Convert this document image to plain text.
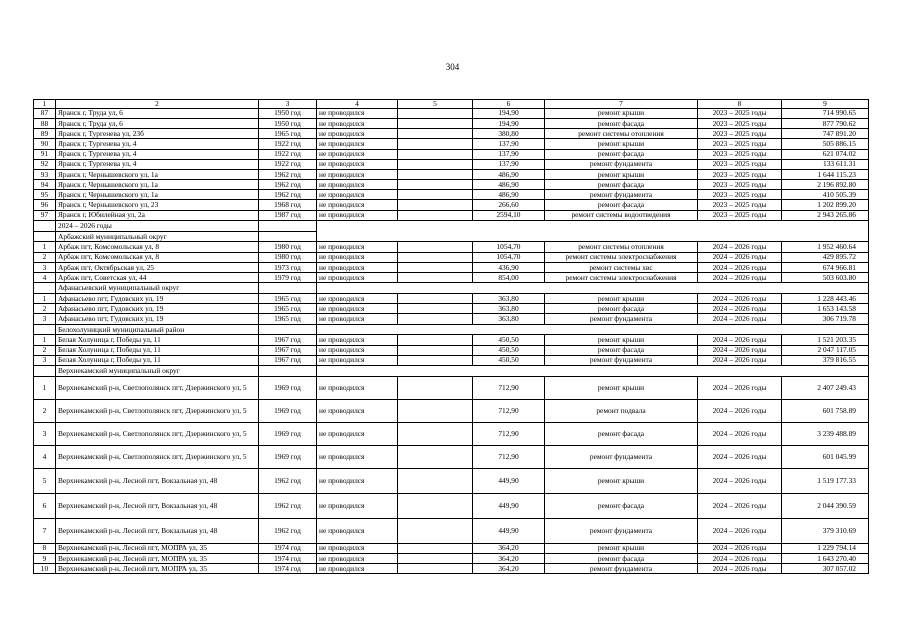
304
1	2	3	4	5	6	7	8	9
87	Яранск г, Труда ул, 6	1950 год	не проводился		194,90	ремонт крыши	2023 – 2025 годы	714 990.65
88	Яранск г, Труда ул, 6	1950 год	не проводился		194,90	ремонт фасада	2023 – 2025 годы	877 790.62
89	Яранск г, Тургенева ул, 23б	1965 год	не проводился		380,80	ремонт системы отопления	2023 – 2025 годы	747 891.20
90	Яранск г, Тургенева ул, 4	1922 год	не проводился		137,90	ремонт крыши	2023 – 2025 годы	505 886.15
91	Яранск г, Тургенева ул, 4	1922 год	не проводился		137,90	ремонт фасада	2023 – 2025 годы	621 074.02
92	Яранск г, Тургенева ул, 4	1922 год	не проводился		137,90	ремонт фундамента	2023 – 2025 годы	133 611.31
93	Яранск г, Чернышевского ул, 1а	1962 год	не проводился		486,90	ремонт крыши	2023 – 2025 годы	1 644 115.23
94	Яранск г, Чернышевского ул, 1а	1962 год	не проводился		486,90	ремонт фасада	2023 – 2025 годы	2 196 892.80
95	Яранск г, Чернышевского ул, 1а	1962 год	не проводился		486,90	ремонт фундамента	2023 – 2025 годы	410 505.39
96	Яранск г, Чернышевского ул, 23	1968 год	не проводился		266,60	ремонт фасада	2023 – 2025 годы	1 202 899.20
97	Яранск г, Юбилейная ул, 2а	1987 год	не проводился		2594,10	ремонт системы водоотведения	2023 – 2025 годы	2 943 265.86
	2024 – 2026 годы							
	Арбажский муниципальный округ							
1	Арбаж пгт, Комсомольская ул, 8	1980 год	не проводился		1054,70	ремонт системы отопления	2024 – 2026 годы	1 952 460.64
2	Арбаж пгт, Комсомольская ул, 8	1980 год	не проводился		1054,70	ремонт системы электроснабжения	2024 – 2026 годы	429 895.72
3	Арбаж пгт, Октябрьская ул, 25	1973 год	не проводился		436,90	ремонт системы хвс	2024 – 2026 годы	674 966.81
4	Арбаж пгт, Советская ул, 44	1979 год	не проводился		854,00	ремонт системы электроснабжения	2024 – 2026 годы	503 603.80
	Афанасьевский муниципальный округ							
1	Афанасьево пгт, Гудовских ул, 19	1965 год	не проводился		363,80	ремонт крыши	2024 – 2026 годы	1 228 443.46
2	Афанасьево пгт, Гудовских ул, 19	1965 год	не проводился		363,80	ремонт фасада	2024 – 2026 годы	1 653 143.58
3	Афанасьево пгт, Гудовских ул, 19	1965 год	не проводился		363,80	ремонт фундамента	2024 – 2026 годы	306 719.78
	Белохолуницкий муниципальный район							
1	Белая Холуница г, Победы ул, 11	1967 год	не проводился		450,50	ремонт крыши	2024 – 2026 годы	1 521 203.35
2	Белая Холуница г, Победы ул, 11	1967 год	не проводился		450,50	ремонт фасада	2024 – 2026 годы	2 047 117.05
3	Белая Холуница г, Победы ул, 11	1967 год	не проводился		450,50	ремонт фундамента	2024 – 2026 годы	379 816.55
	Верхнекамский муниципальный округ							
1	Верхнекамский р-н, Светлополянск пгт, Дзержинского ул, 5	1969 год	не проводился		712,90	ремонт крыши	2024 – 2026 годы	2 407 249.43
2	Верхнекамский р-н, Светлополянск пгт, Дзержинского ул, 5	1969 год	не проводился		712,90	ремонт подвала	2024 – 2026 годы	601 758.89
3	Верхнекамский р-н, Светлополянск пгт, Дзержинского ул, 5	1969 год	не проводился		712,90	ремонт фасада	2024 – 2026 годы	3 239 488.89
4	Верхнекамский р-н, Светлополянск пгт, Дзержинского ул, 5	1969 год	не проводился		712,90	ремонт фундамента	2024 – 2026 годы	601 045.99
5	Верхнекамский р-н, Лесной пгт, Вокзальная ул, 48	1962 год	не проводился		449,90	ремонт крыши	2024 – 2026 годы	1 519 177.33
6	Верхнекамский р-н, Лесной пгт, Вокзальная ул, 48	1962 год	не проводился		449,90	ремонт фасада	2024 – 2026 годы	2 044 390.59
7	Верхнекамский р-н, Лесной пгт, Вокзальная ул, 48	1962 год	не проводился		449,90	ремонт фундамента	2024 – 2026 годы	379 310.69
8	Верхнекамский р-н, Лесной пгт, МОПРА ул, 35	1974 год	не проводился		364,20	ремонт крыши	2024 – 2026 годы	1 229 794.14
9	Верхнекамский р-н, Лесной пгт, МОПРА ул, 35	1974 год	не проводился		364,20	ремонт фасада	2024 – 2026 годы	1 643 270.40
10	Верхнекамский р-н, Лесной пгт, МОПРА ул, 35	1974 год	не проводился		364,20	ремонт фундамента	2024 – 2026 годы	307 057.02
